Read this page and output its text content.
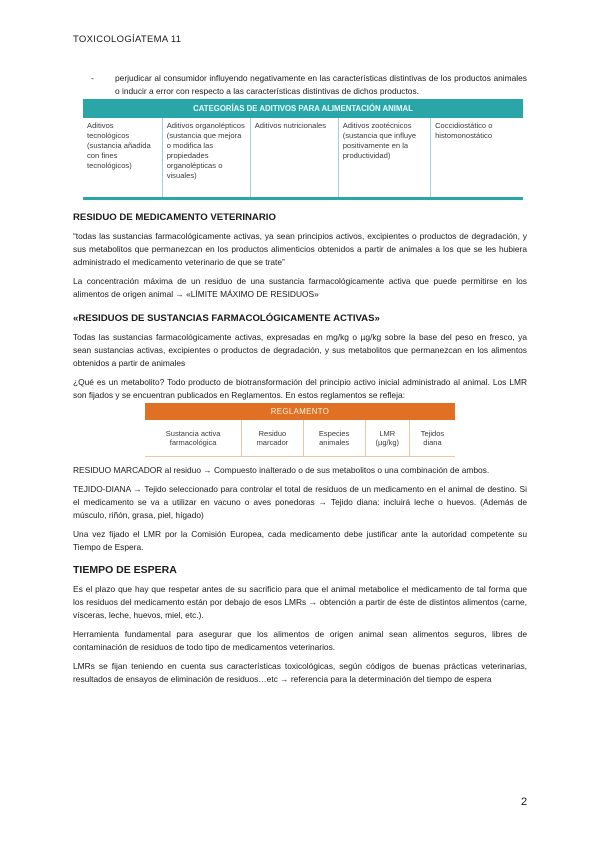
TOXICOLOGÍATEMA 11
-	perjudicar al consumidor influyendo negativamente en las características distintivas de los productos animales o inducir a error con respecto a las características distintivas de dichos productos.
CATEGORÍAS DE ADITIVOS PARA ALIMENTACIÓN ANIMAL
Aditivos tecnológicos (sustancia añadida con fines tecnológicos)	Aditivos organolépticos (sustancia que mejora o modifica las propiedades organolépticas o visuales)	Aditivos nutricionales	Aditivos zootécnicos (sustancia que influye positivamente en la productividad)	Coccidiostático o histomonostático
RESIDUO DE MEDICAMENTO VETERINARIO

“todas las sustancias farmacológicamente activas, ya sean principios activos, excipientes o productos de degradación, y sus metabolitos que permanezcan en los productos alimenticios obtenidos a partir de animales a los que se les hubiera administrado el medicamento veterinario de que se trate”

La concentración máxima de un residuo de una sustancia farmacológicamente activa que puede permitirse en los alimentos de origen animal → «LÍMITE MÁXIMO DE RESIDUOS»

«RESIDUOS DE SUSTANCIAS FARMACOLÓGICAMENTE ACTIVAS»

Todas las sustancias farmacológicamente activas, expresadas en mg/kg o µg/kg sobre la base del peso en fresco, ya sean sustancias activas, excipientes o productos de degradación, y sus metabolitos que permanezcan en los alimentos obtenidos a partir de animales

¿Qué es un metabolito? Todo producto de biotransformación del principio activo inicial administrado al animal. Los LMR son fijados y se encuentran publicados en Reglamentos. En estos reglamentos se refleja:

REGLAMENTO
Sustancia activa farmacológica	Residuo marcador	Especies animales	LMR (µg/kg)	Tejidos diana

RESIDUO MARCADOR al residuo → Compuesto inalterado o de sus metabolitos o una combinación de ambos.

TEJIDO-DIANA → Tejido seleccionado para controlar el total de residuos de un medicamento en el animal de destino. Si el medicamento se va a utilizar en vacuno o aves ponedoras → Tejido diana: incluirá leche o huevos. (Además de músculo, riñón, grasa, piel, hígado)

Una vez fijado el LMR por la Comisión Europea, cada medicamento debe justificar ante la autoridad competente su Tiempo de Espera.

TIEMPO DE ESPERA

Es el plazo que hay que respetar antes de su sacrificio para que el animal metabolice el medicamento de tal forma que los residuos del medicamento están por debajo de esos LMRs → obtención a partir de éste de distintos alimentos (carne, vísceras, leche, huevos, miel, etc.).

Herramienta fundamental para asegurar que los alimentos de origen animal sean alimentos seguros, libres de contaminación de residuos de todo tipo de medicamentos veterinarios.

LMRs se fijan teniendo en cuenta sus características toxicológicas, según códigos de buenas prácticas veterinarias, resultados de ensayos de eliminación de residuos…etc → referencia para la determinación del tiempo de espera

2
